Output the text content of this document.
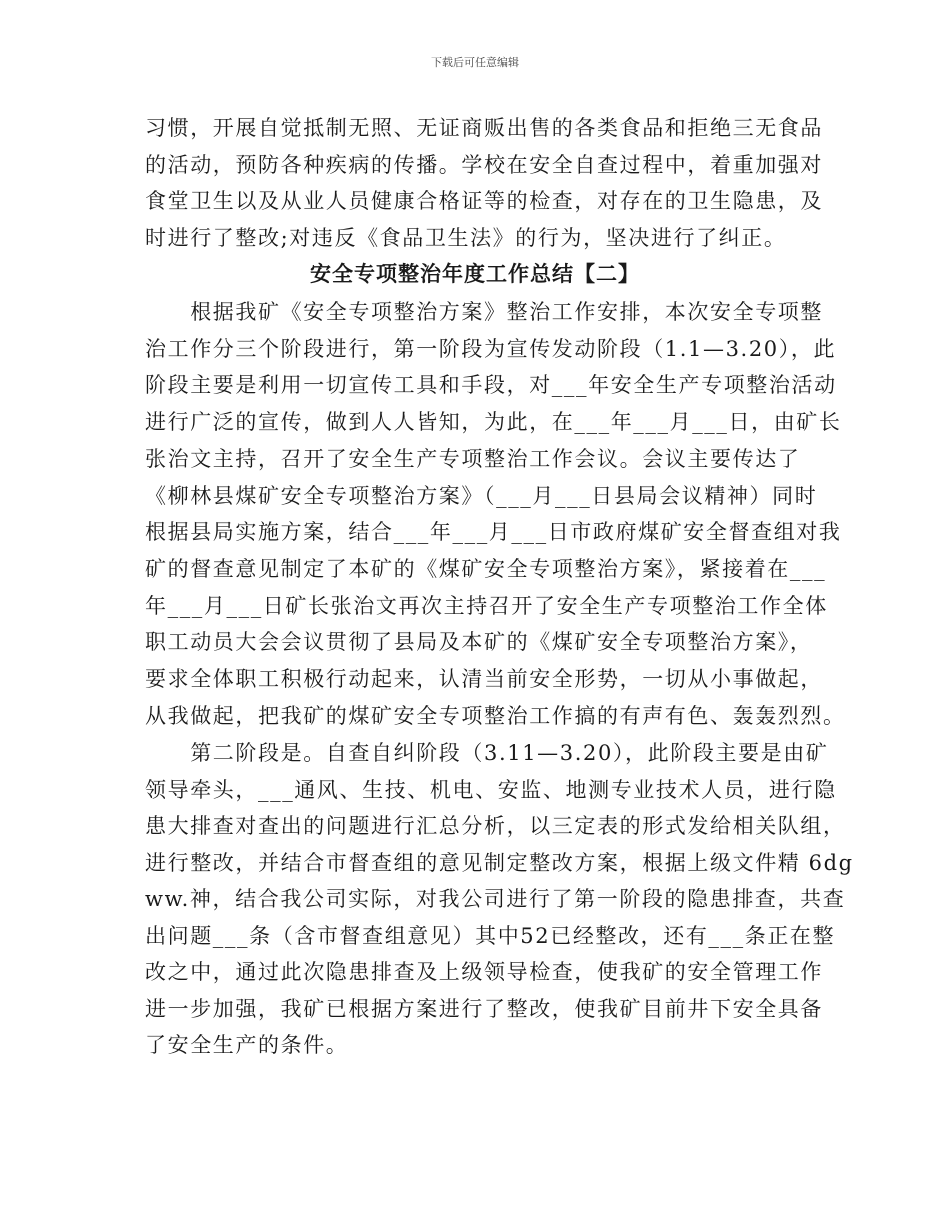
下载后可任意编辑
习惯，开展自觉抵制无照、无证商贩出售的各类食品和拒绝三无食品
的活动，预防各种疾病的传播。学校在安全自查过程中，着重加强对
食堂卫生以及从业人员健康合格证等的检查，对存在的卫生隐患，及
时进行了整改;对违反《食品卫生法》的行为，坚决进行了纠正。
安全专项整治年度工作总结【二】
　　根据我矿《安全专项整治方案》整治工作安排，本次安全专项整
治工作分三个阶段进行，第一阶段为宣传发动阶段（1.1—3.20），此
阶段主要是利用一切宣传工具和手段，对___年安全生产专项整治活动
进行广泛的宣传，做到人人皆知，为此，在___年___月___日，由矿长
张治文主持，召开了安全生产专项整治工作会议。会议主要传达了
《柳林县煤矿安全专项整治方案》（___月___日县局会议精神）同时
根据县局实施方案，结合___年___月___日市政府煤矿安全督查组对我
矿的督查意见制定了本矿的《煤矿安全专项整治方案》，紧接着在___
年___月___日矿长张治文再次主持召开了安全生产专项整治工作全体
职工动员大会会议贯彻了县局及本矿的《煤矿安全专项整治方案》，
要求全体职工积极行动起来，认清当前安全形势，一切从小事做起，
从我做起，把我矿的煤矿安全专项整治工作搞的有声有色、轰轰烈烈。
　　第二阶段是。自查自纠阶段（3.11—3.20），此阶段主要是由矿
领导牵头，___通风、生技、机电、安监、地测专业技术人员，进行隐
患大排查对查出的问题进行汇总分析，以三定表的形式发给相关队组，
进行整改，并结合市督查组的意见制定整改方案，根据上级文件精 6dg
ww.神，结合我公司实际，对我公司进行了第一阶段的隐患排查，共查
出问题___条（含市督查组意见）其中52已经整改，还有___条正在整
改之中，通过此次隐患排查及上级领导检查，使我矿的安全管理工作
进一步加强，我矿已根据方案进行了整改，使我矿目前井下安全具备
了安全生产的条件。
